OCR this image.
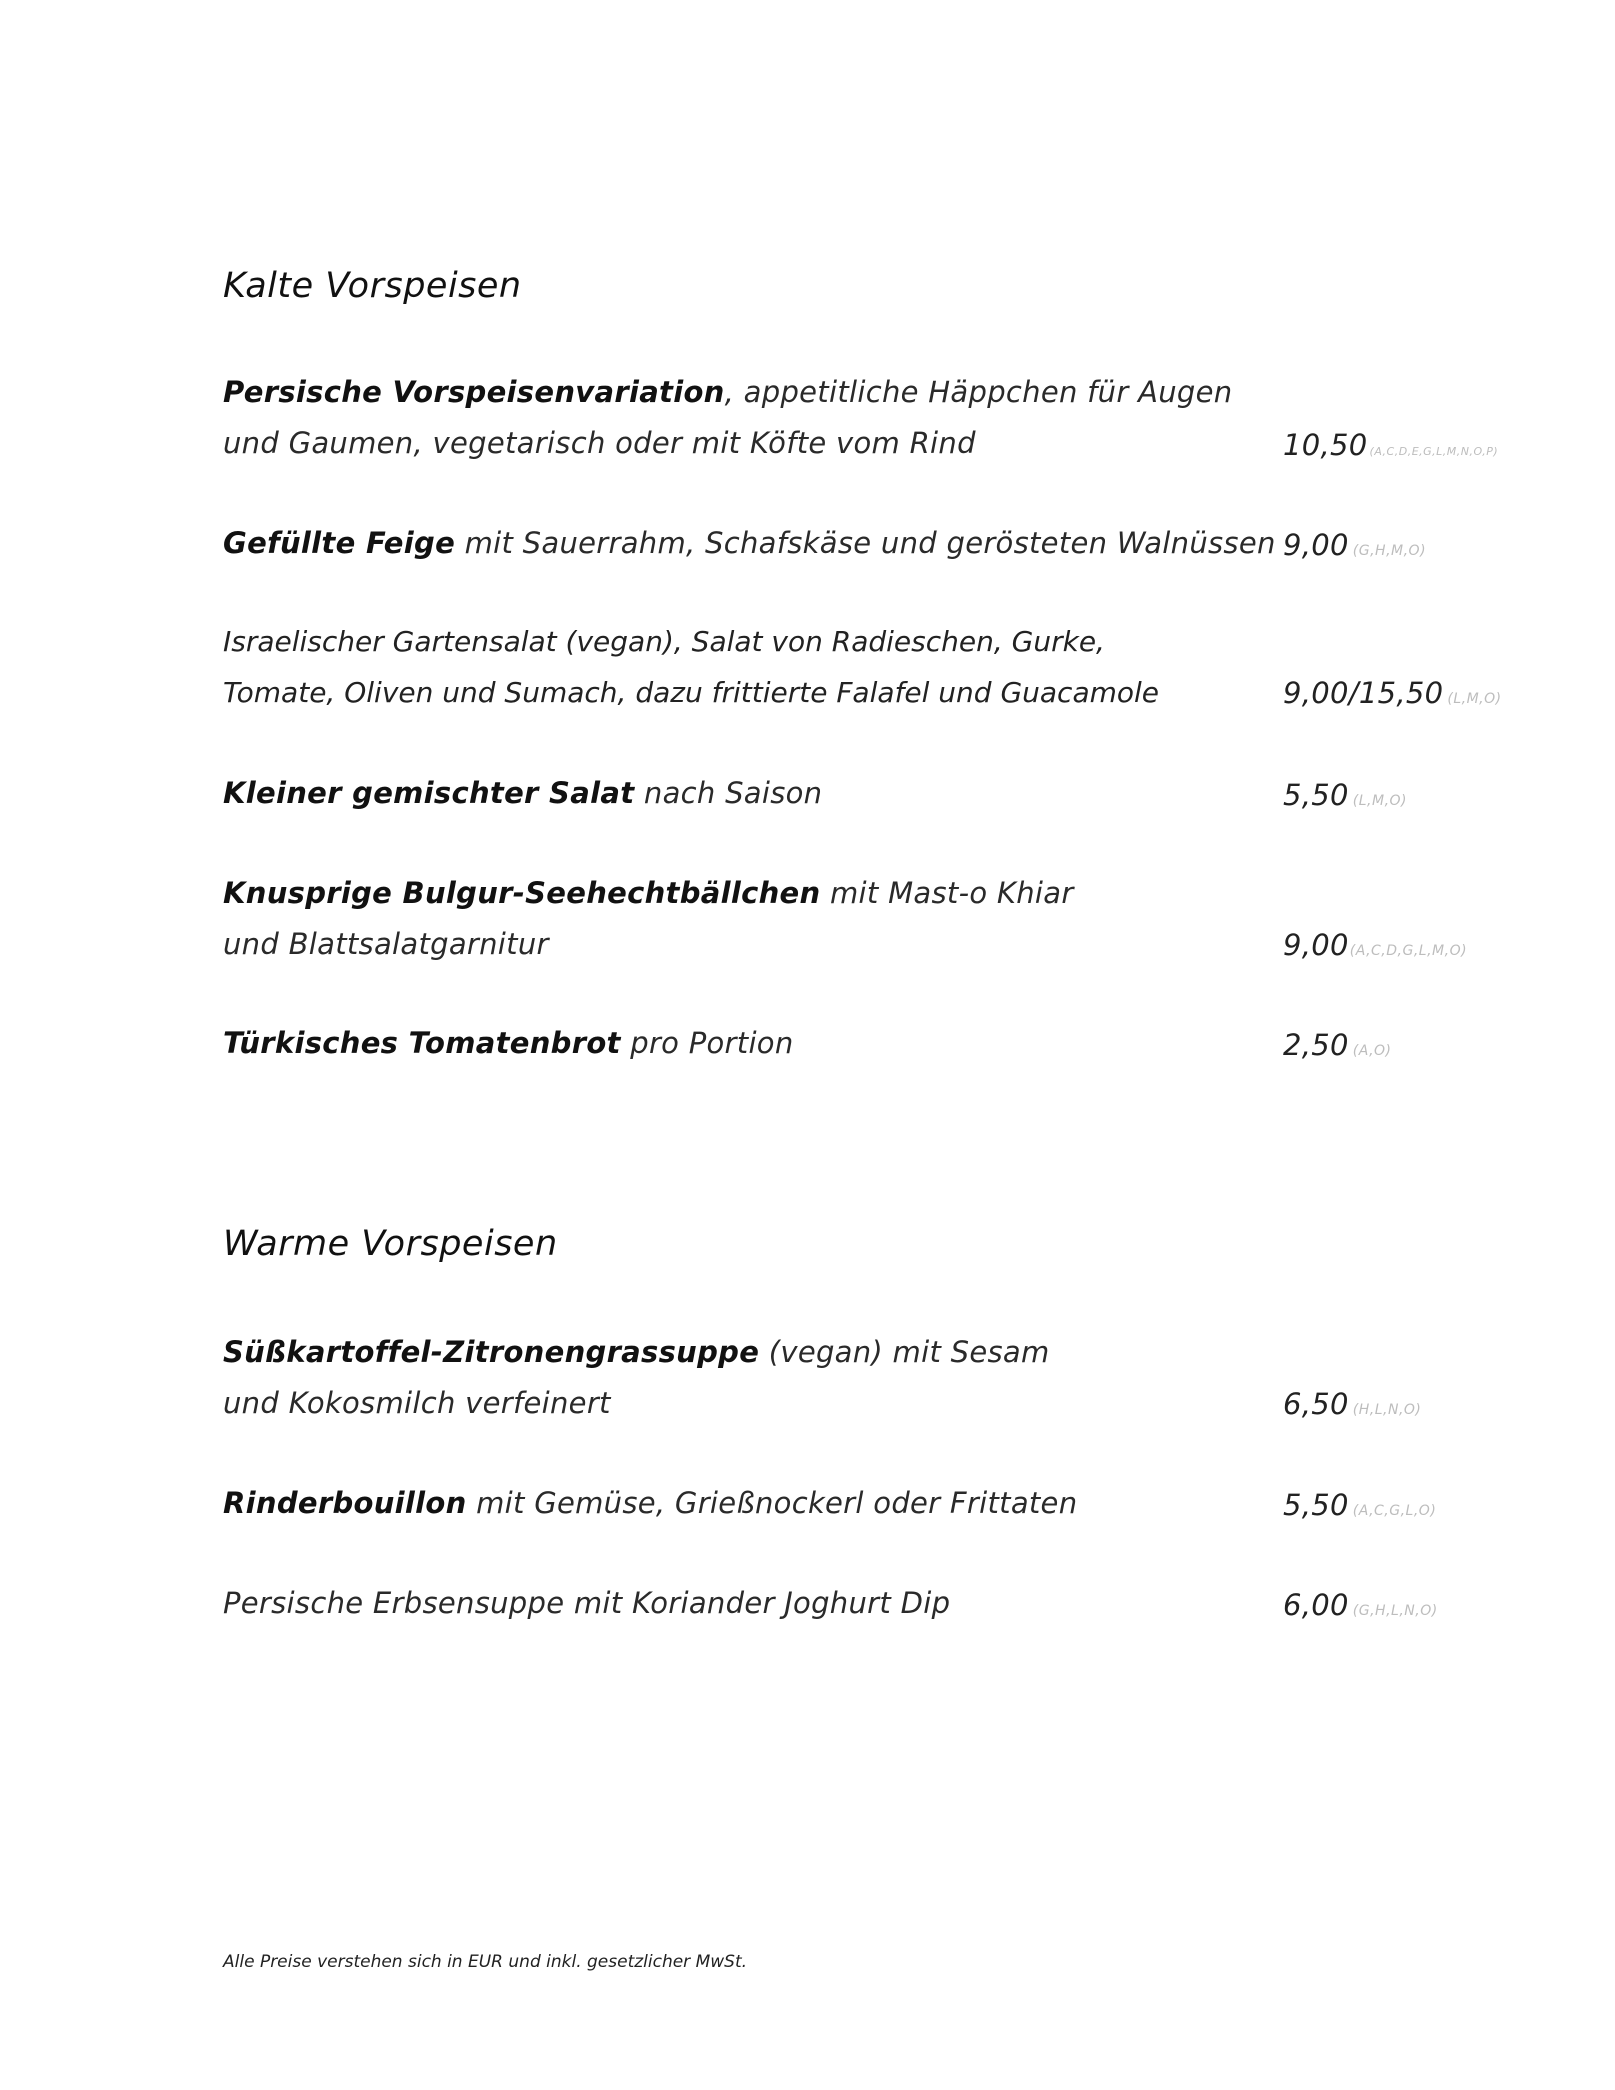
Kalte Vorspeisen
Persische Vorspeisenvariation, appetitliche Häppchen für Augen und Gaumen, vegetarisch oder mit Köfte vom Rind	10,50 (A,C,D,E,G,L,M,N,O,P)
Gefüllte Feige mit Sauerrahm, Schafskäse und gerösteten Walnüssen 9,00 (G,H,M,O)
Israelischer Gartensalat (vegan), Salat von Radieschen, Gurke, Tomate, Oliven und Sumach, dazu frittierte Falafel und Guacamole	9,00/15,50 (L,M,O)
Kleiner gemischter Salat nach Saison	5,50 (L,M,O)
Knusprige Bulgur-Seehechtbällchen mit Mast-o Khiar und Blattsalatgarnitur	9,00(A,C,D,G,L,M,O)
Türkisches Tomatenbrot pro Portion	2,50 (A,O)
Warme Vorspeisen
Süßkartoffel-Zitronengrassuppe (vegan) mit Sesam und Kokosmilch verfeinert	6,50 (H,L,N,O)
Rinderbouillon mit Gemüse, Grießnockerl oder Frittaten	5,50 (A,C,G,L,O)
Persische Erbsensuppe mit Koriander Joghurt Dip	6,00 (G,H,L,N,O)
Alle Preise verstehen sich in EUR und inkl. gesetzlicher MwSt.
